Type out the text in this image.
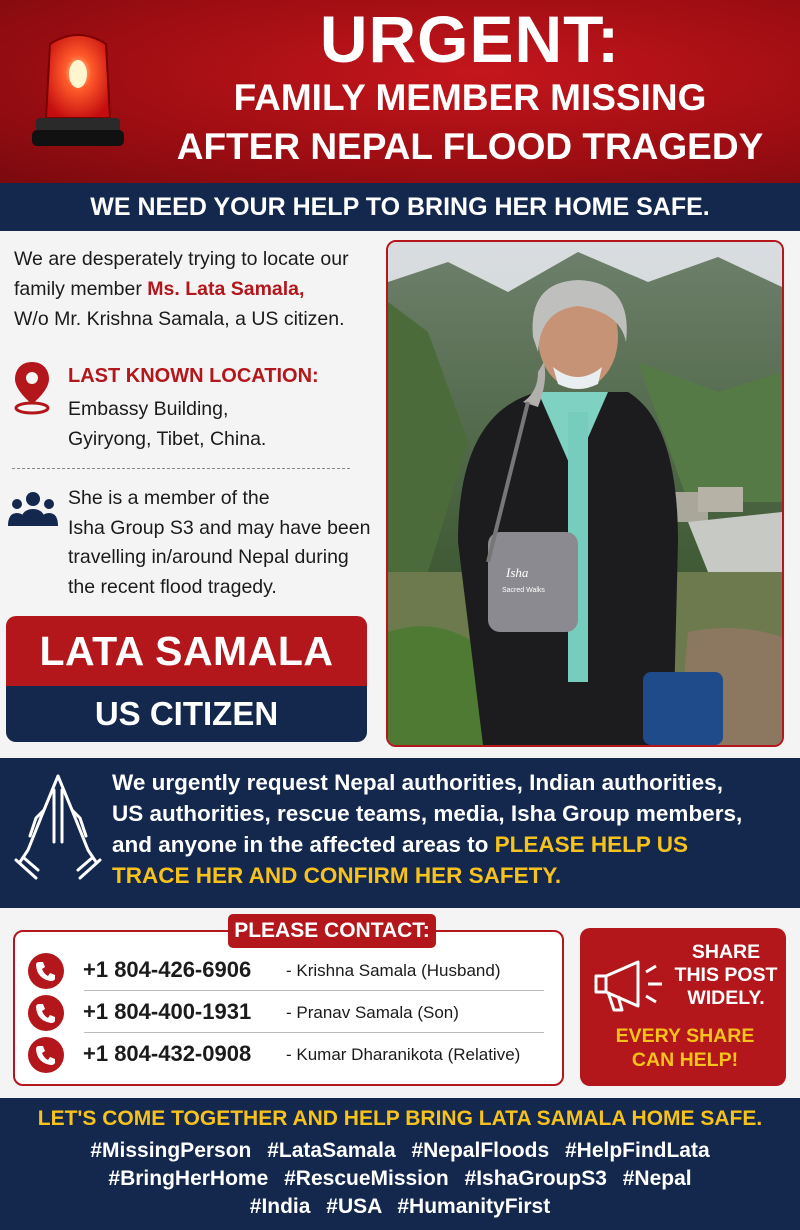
URGENT:
FAMILY MEMBER MISSING
AFTER NEPAL FLOOD TRAGEDY
WE NEED YOUR HELP TO BRING HER HOME SAFE.
We are desperately trying to locate our
family member Ms. Lata Samala,
W/o Mr. Krishna Samala, a US citizen.
LAST KNOWN LOCATION:
Embassy Building,
Gyiryong, Tibet, China.
She is a member of the
Isha Group S3 and may have been
travelling in/around Nepal during
the recent flood tragedy.
LATA SAMALA
US CITIZEN
Isha
Sacred Walks
We urgently request Nepal authorities, Indian authorities,
US authorities, rescue teams, media, Isha Group members,
and anyone in the affected areas to PLEASE HELP US
TRACE HER AND CONFIRM HER SAFETY.
PLEASE CONTACT:
+1 804-426-6906 - Krishna Samala (Husband)
+1 804-400-1931 - Pranav Samala (Son)
+1 804-432-0908 - Kumar Dharanikota (Relative)
SHARE
THIS POST
WIDELY.
EVERY SHARE
CAN HELP!
LET'S COME TOGETHER AND HELP BRING LATA SAMALA HOME SAFE.
#MissingPerson #LataSamala #NepalFloods #HelpFindLata
#BringHerHome #RescueMission #IshaGroupS3 #Nepal
#India #USA #HumanityFirst
